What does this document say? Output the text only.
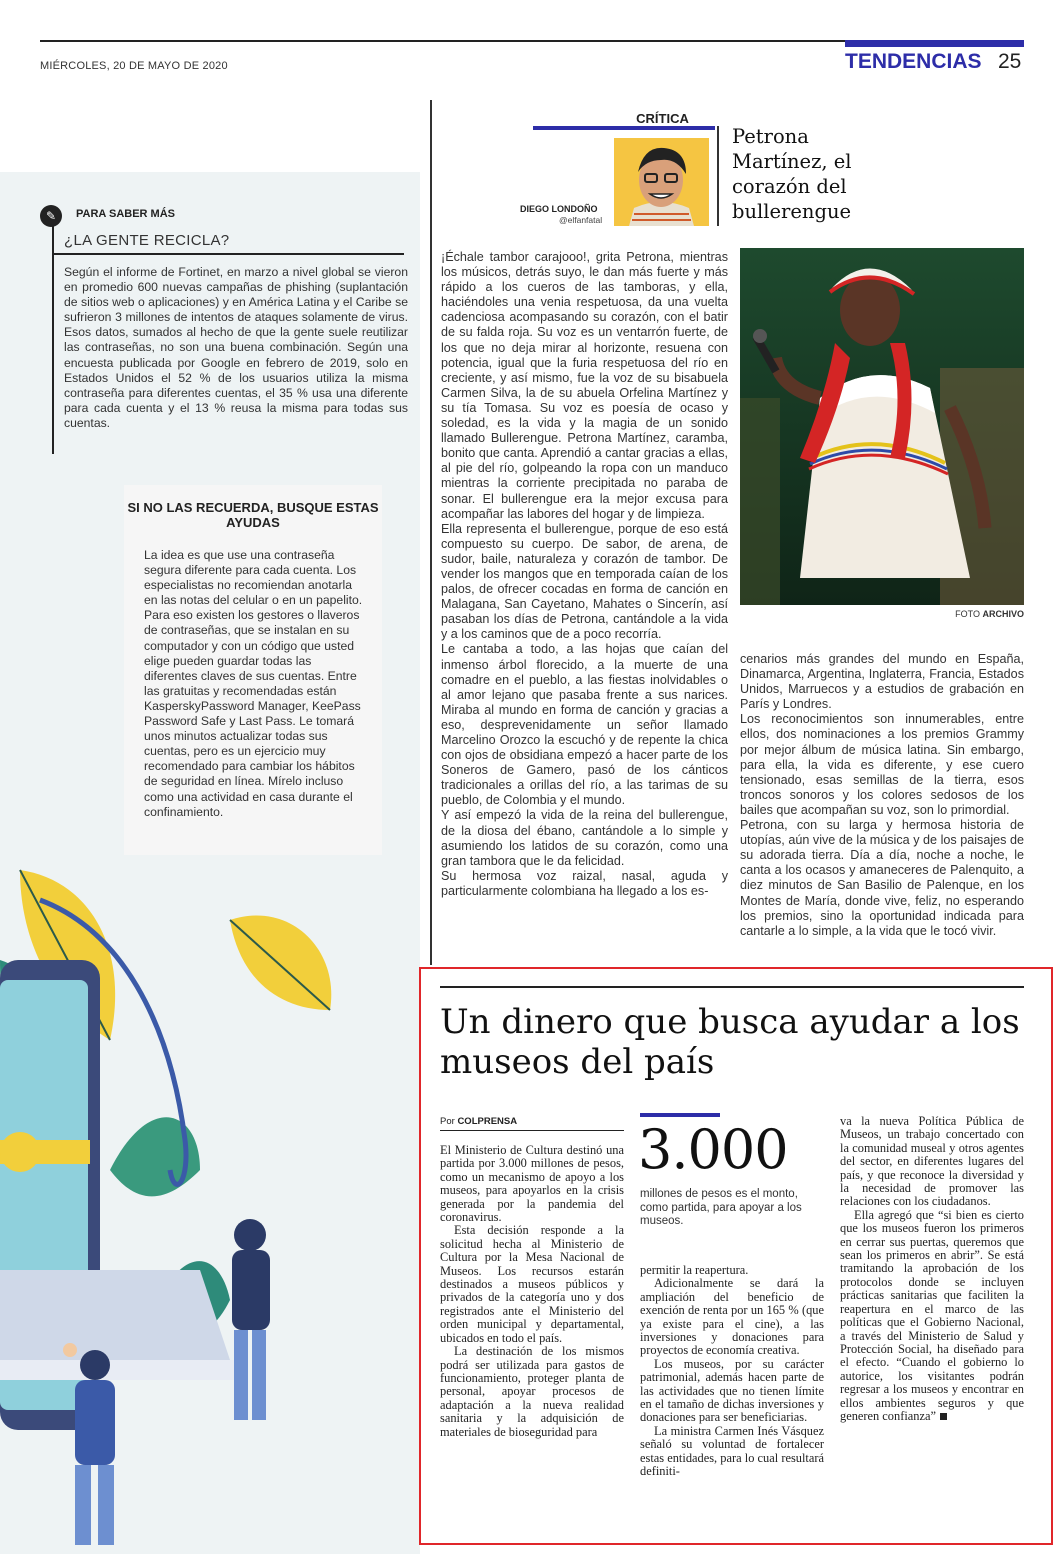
MIÉRCOLES, 20 DE MAYO DE 2020	TENDENCIAS 25
✎	PARA SABER MÁS
¿LA GENTE RECICLA?
Según el informe de Fortinet, en marzo a nivel global se vieron en promedio 600 nuevas campañas de phishing (suplantación de sitios web o aplicaciones) y en América Latina y el Caribe se sufrieron 3 millones de intentos de ataques solamente de virus. Esos datos, sumados al hecho de que la gente suele reutilizar las contraseñas, no son una buena combinación. Según una encuesta publicada por Google en febrero de 2019, solo en Estados Unidos el 52 % de los usuarios utiliza la misma contraseña para diferentes cuentas, el 35 % usa una diferente para cada cuenta y el 13 % reusa la misma para todas sus cuentas.
SI NO LAS RECUERDA, BUSQUE ESTAS AYUDAS
La idea es que use una contraseña segura diferente para cada cuenta. Los especialistas no recomiendan anotarla en las notas del celular o en un papelito. Para eso existen los gestores o llaveros de contraseñas, que se instalan en su computador y con un código que usted elige pueden guardar todas las diferentes claves de sus cuentas. Entre las gratuitas y recomendadas están KasperskyPassword Manager, KeePass Password Safe y Last Pass. Le tomará unos minutos actualizar todas sus cuentas, pero es un ejercicio muy recomendado para cambiar los hábitos de seguridad en línea. Mírelo incluso como una actividad en casa durante el confinamiento.
CRÍTICA
DIEGO LONDOÑO
@elfanfatal
Petrona Martínez, el corazón del bullerengue

¡Échale tambor carajooo!, grita Petrona, mientras los músicos, detrás suyo, le dan más fuerte y más rápido a los cueros de las tamboras, y ella, haciéndoles una venia respetuosa, da una vuelta cadenciosa acompasando su corazón, con el batir de su falda roja. Su voz es un ventarrón fuerte, de los que no deja mirar al horizonte, resuena con potencia, igual que la furia respetuosa del río en creciente, y así mismo, fue la voz de su bisabuela Carmen Silva, la de su abuela Orfelina Martínez y su tía Tomasa. Su voz es poesía de ocaso y soledad, es la vida y la magia de un sonido llamado Bullerengue. Petrona Martínez, caramba, bonito que canta. Aprendió a cantar gracias a ellas, al pie del río, golpeando la ropa con un manduco mientras la corriente precipitada no paraba de sonar. El bullerengue era la mejor excusa para acompañar las labores del hogar y de limpieza.

Ella representa el bullerengue, porque de eso está compuesto su cuerpo. De sabor, de arena, de sudor, baile, naturaleza y corazón de tambor. De vender los mangos que en temporada caían de los palos, de ofrecer cocadas en forma de canción en Malagana, San Cayetano, Mahates o Sincerín, así pasaban los días de Petrona, cantándole a la vida y a los caminos que de a poco recorría.

Le cantaba a todo, a las hojas que caían del inmenso árbol florecido, a la muerte de una comadre en el pueblo, a las fiestas inolvidables o al amor lejano que pasaba frente a sus narices. Miraba al mundo en forma de canción y gracias a eso, desprevenidamente un señor llamado Marcelino Orozco la escuchó y de repente la chica con ojos de obsidiana empezó a hacer parte de los Soneros de Gamero, pasó de los cánticos tradicionales a orillas del río, a las tarimas de su pueblo, de Colombia y el mundo.

Y así empezó la vida de la reina del bullerengue, de la diosa del ébano, cantándole a lo simple y asumiendo los latidos de su corazón, como una gran tambora que le da felicidad.

Su hermosa voz raizal, nasal, aguda y particularmente colombiana ha llegado a los es-

FOTO ARCHIVO

cenarios más grandes del mundo en España, Dinamarca, Argentina, Inglaterra, Francia, Estados Unidos, Marruecos y a estudios de grabación en París y Londres.

Los reconocimientos son innumerables, entre ellos, dos nominaciones a los premios Grammy por mejor álbum de música latina. Sin embargo, para ella, la vida es diferente, y ese cuero tensionado, esas semillas de la tierra, esos troncos sonoros y los colores sedosos de los bailes que acompañan su voz, son lo primordial.

Petrona, con su larga y hermosa historia de utopías, aún vive de la música y de los paisajes de su adorada tierra. Día a día, noche a noche, le canta a los ocasos y amaneceres de Palenquito, a diez minutos de San Basilio de Palenque, en los Montes de María, donde vive, feliz, no esperando los premios, sino la oportunidad indicada para cantarle a lo simple, a la vida que le tocó vivir.

Un dinero que busca ayudar a los museos del país
Por COLPRENSA

El Ministerio de Cultura destinó una partida por 3.000 millones de pesos, como un mecanismo de apoyo a los museos, para apoyarlos en la crisis generada por la pandemia del coronavirus.

Esta decisión responde a la solicitud hecha al Ministerio de Cultura por la Mesa Nacional de Museos. Los recursos estarán destinados a museos públicos y privados de la categoría uno y dos registrados ante el Ministerio del orden municipal y departamental, ubicados en todo el país.

La destinación de los mismos podrá ser utilizada para gastos de funcionamiento, proteger planta de personal, apoyar procesos de adaptación a la nueva realidad sanitaria y la adquisición de materiales de bioseguridad para

3.000
millones de pesos es el monto, como partida, para apoyar a los museos.

permitir la reapertura.

Adicionalmente se dará la ampliación del beneficio de exención de renta por un 165 % (que ya existe para el cine), a las inversiones y donaciones para proyectos de economía creativa.

Los museos, por su carácter patrimonial, además hacen parte de las actividades que no tienen límite en el tamaño de dichas inversiones y donaciones para ser beneficiarias.

La ministra Carmen Inés Vásquez señaló su voluntad de fortalecer estas entidades, para lo cual resultará definiti-

va la nueva Política Pública de Museos, un trabajo concertado con la comunidad museal y otros agentes del sector, en diferentes lugares del país, y que reconoce la diversidad y la necesidad de promover las relaciones con los ciudadanos.

Ella agregó que “si bien es cierto que los museos fueron los primeros en cerrar sus puertas, queremos que sean los primeros en abrir”. Se está tramitando la aprobación de los protocolos donde se incluyen prácticas sanitarias que faciliten la reapertura en el marco de las políticas que el Gobierno Nacional, a través del Ministerio de Salud y Protección Social, ha diseñado para el efecto. “Cuando el gobierno lo autorice, los visitantes podrán regresar a los museos y encontrar en ellos ambientes seguros y que generen confianza”
